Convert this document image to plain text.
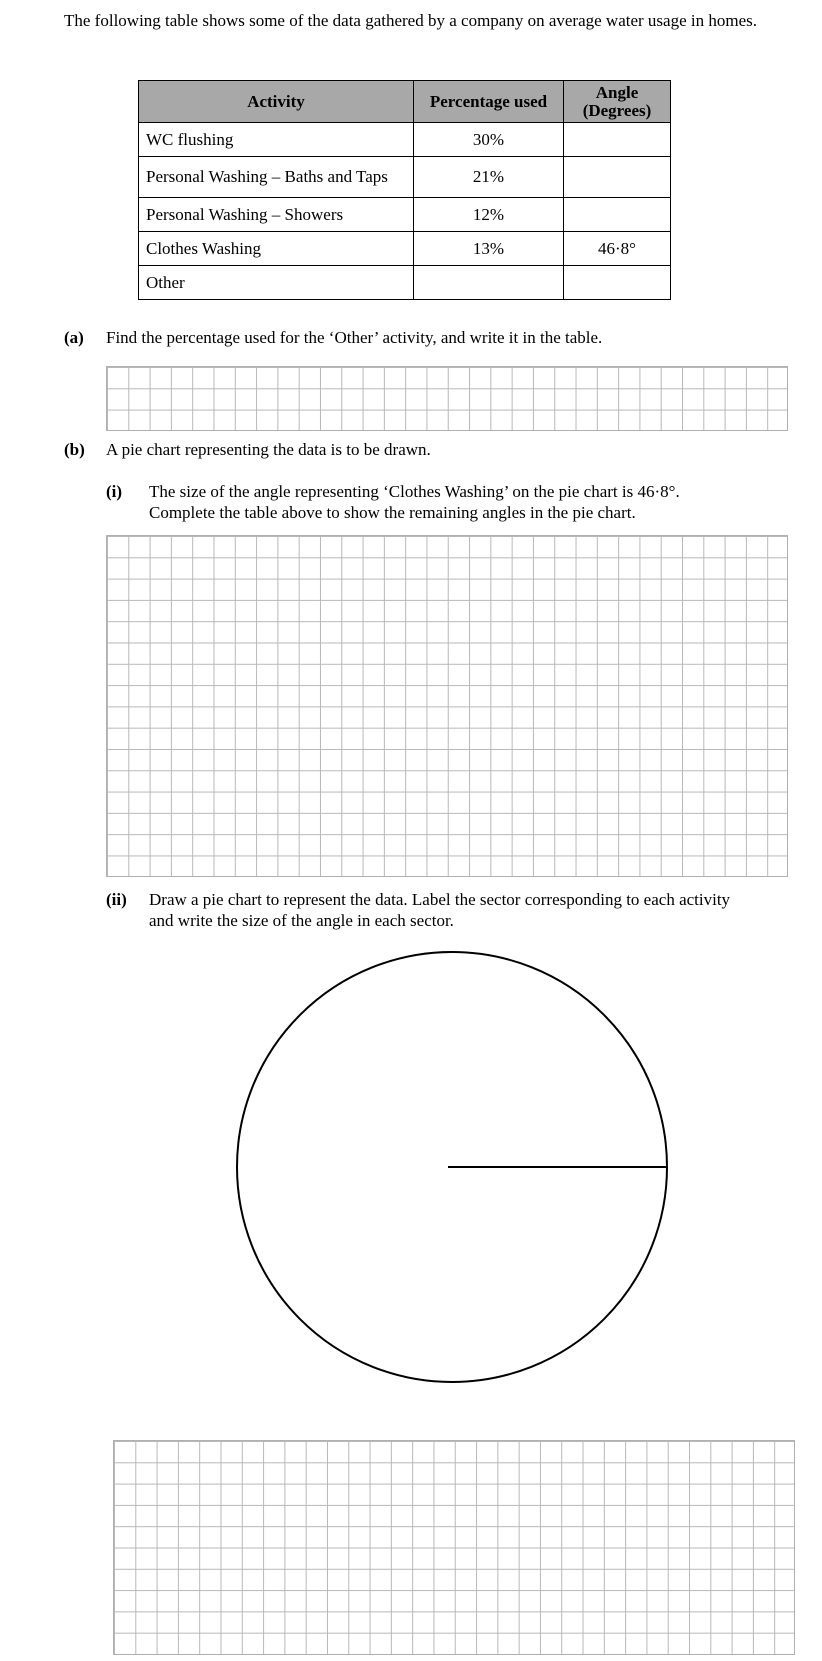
The following table shows some of the data gathered by a company on average water usage in homes.
Activity	Percentage used	Angle
(Degrees)
WC flushing	30%	
Personal Washing – Baths and Taps	21%	
Personal Washing – Showers	12%	
Clothes Washing	13%	46·8°
Other		
(a) Find the percentage used for the ‘Other’ activity, and write it in the table.
(b) A pie chart representing the data is to be drawn.
(i) The size of the angle representing ‘Clothes Washing’ on the pie chart is 46·8°.
Complete the table above to show the remaining angles in the pie chart.
(ii) Draw a pie chart to represent the data. Label the sector corresponding to each activity
and write the size of the angle in each sector.
